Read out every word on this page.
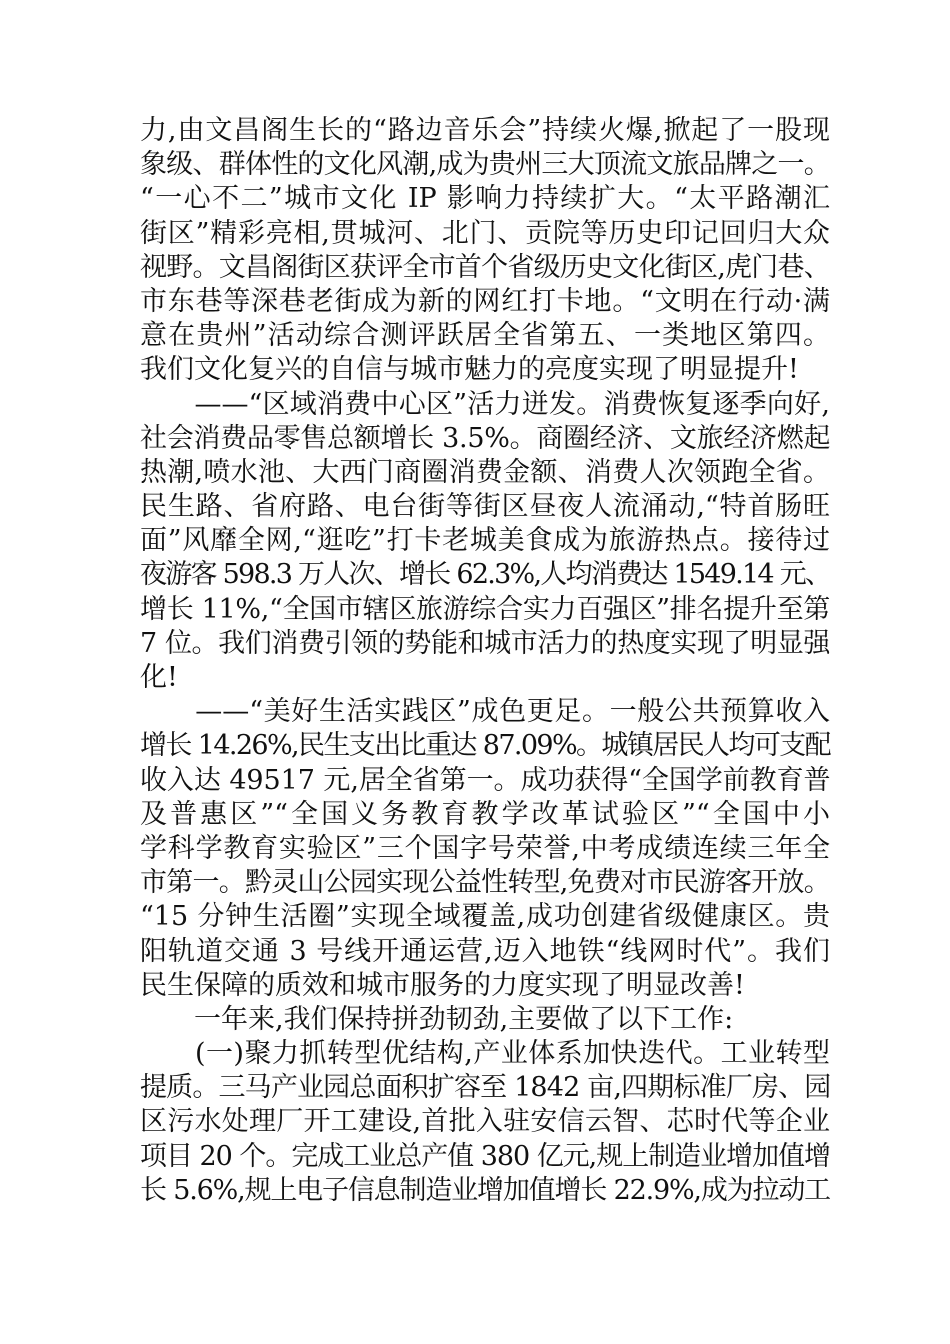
力,由文昌阁生长的“路边音乐会”持续火爆,掀起了一股现
象级、群体性的文化风潮,成为贵州三大顶流文旅品牌之一。
“一心不二”城市文化 IP 影响力持续扩大。“太平路潮汇
街区”精彩亮相,贯城河、北门、贡院等历史印记回归大众
视野。文昌阁街区获评全市首个省级历史文化街区,虎门巷、
市东巷等深巷老街成为新的网红打卡地。“文明在行动·满
意在贵州”活动综合测评跃居全省第五、一类地区第四。
我们文化复兴的自信与城市魅力的亮度实现了明显提升!
　　——“区域消费中心区”活力迸发。消费恢复逐季向好,
社会消费品零售总额增长 3.5%。商圈经济、文旅经济燃起
热潮,喷水池、大西门商圈消费金额、消费人次领跑全省。
民生路、省府路、电台街等街区昼夜人流涌动,“特首肠旺
面”风靡全网,“逛吃”打卡老城美食成为旅游热点。接待过
夜游客 598.3 万人次、增长 62.3%,人均消费达 1549.14 元、
增长 11%,“全国市辖区旅游综合实力百强区”排名提升至第
7 位。我们消费引领的势能和城市活力的热度实现了明显强
化!
　　——“美好生活实践区”成色更足。一般公共预算收入
增长 14.26%,民生支出比重达 87.09%。城镇居民人均可支配
收入达 49517 元,居全省第一。成功获得“全国学前教育普
及普惠区”“全国义务教育教学改革试验区”“全国中小
学科学教育实验区”三个国字号荣誉,中考成绩连续三年全
市第一。黔灵山公园实现公益性转型,免费对市民游客开放。
“15 分钟生活圈”实现全域覆盖,成功创建省级健康区。贵
阳轨道交通 3 号线开通运营,迈入地铁“线网时代”。我们
民生保障的质效和城市服务的力度实现了明显改善!
　　一年来,我们保持拼劲韧劲,主要做了以下工作:
　　(一)聚力抓转型优结构,产业体系加快迭代。工业转型
提质。三马产业园总面积扩容至 1842 亩,四期标准厂房、园
区污水处理厂开工建设,首批入驻安信云智、芯时代等企业
项目 20 个。完成工业总产值 380 亿元,规上制造业增加值增
长 5.6%,规上电子信息制造业增加值增长 22.9%,成为拉动工
